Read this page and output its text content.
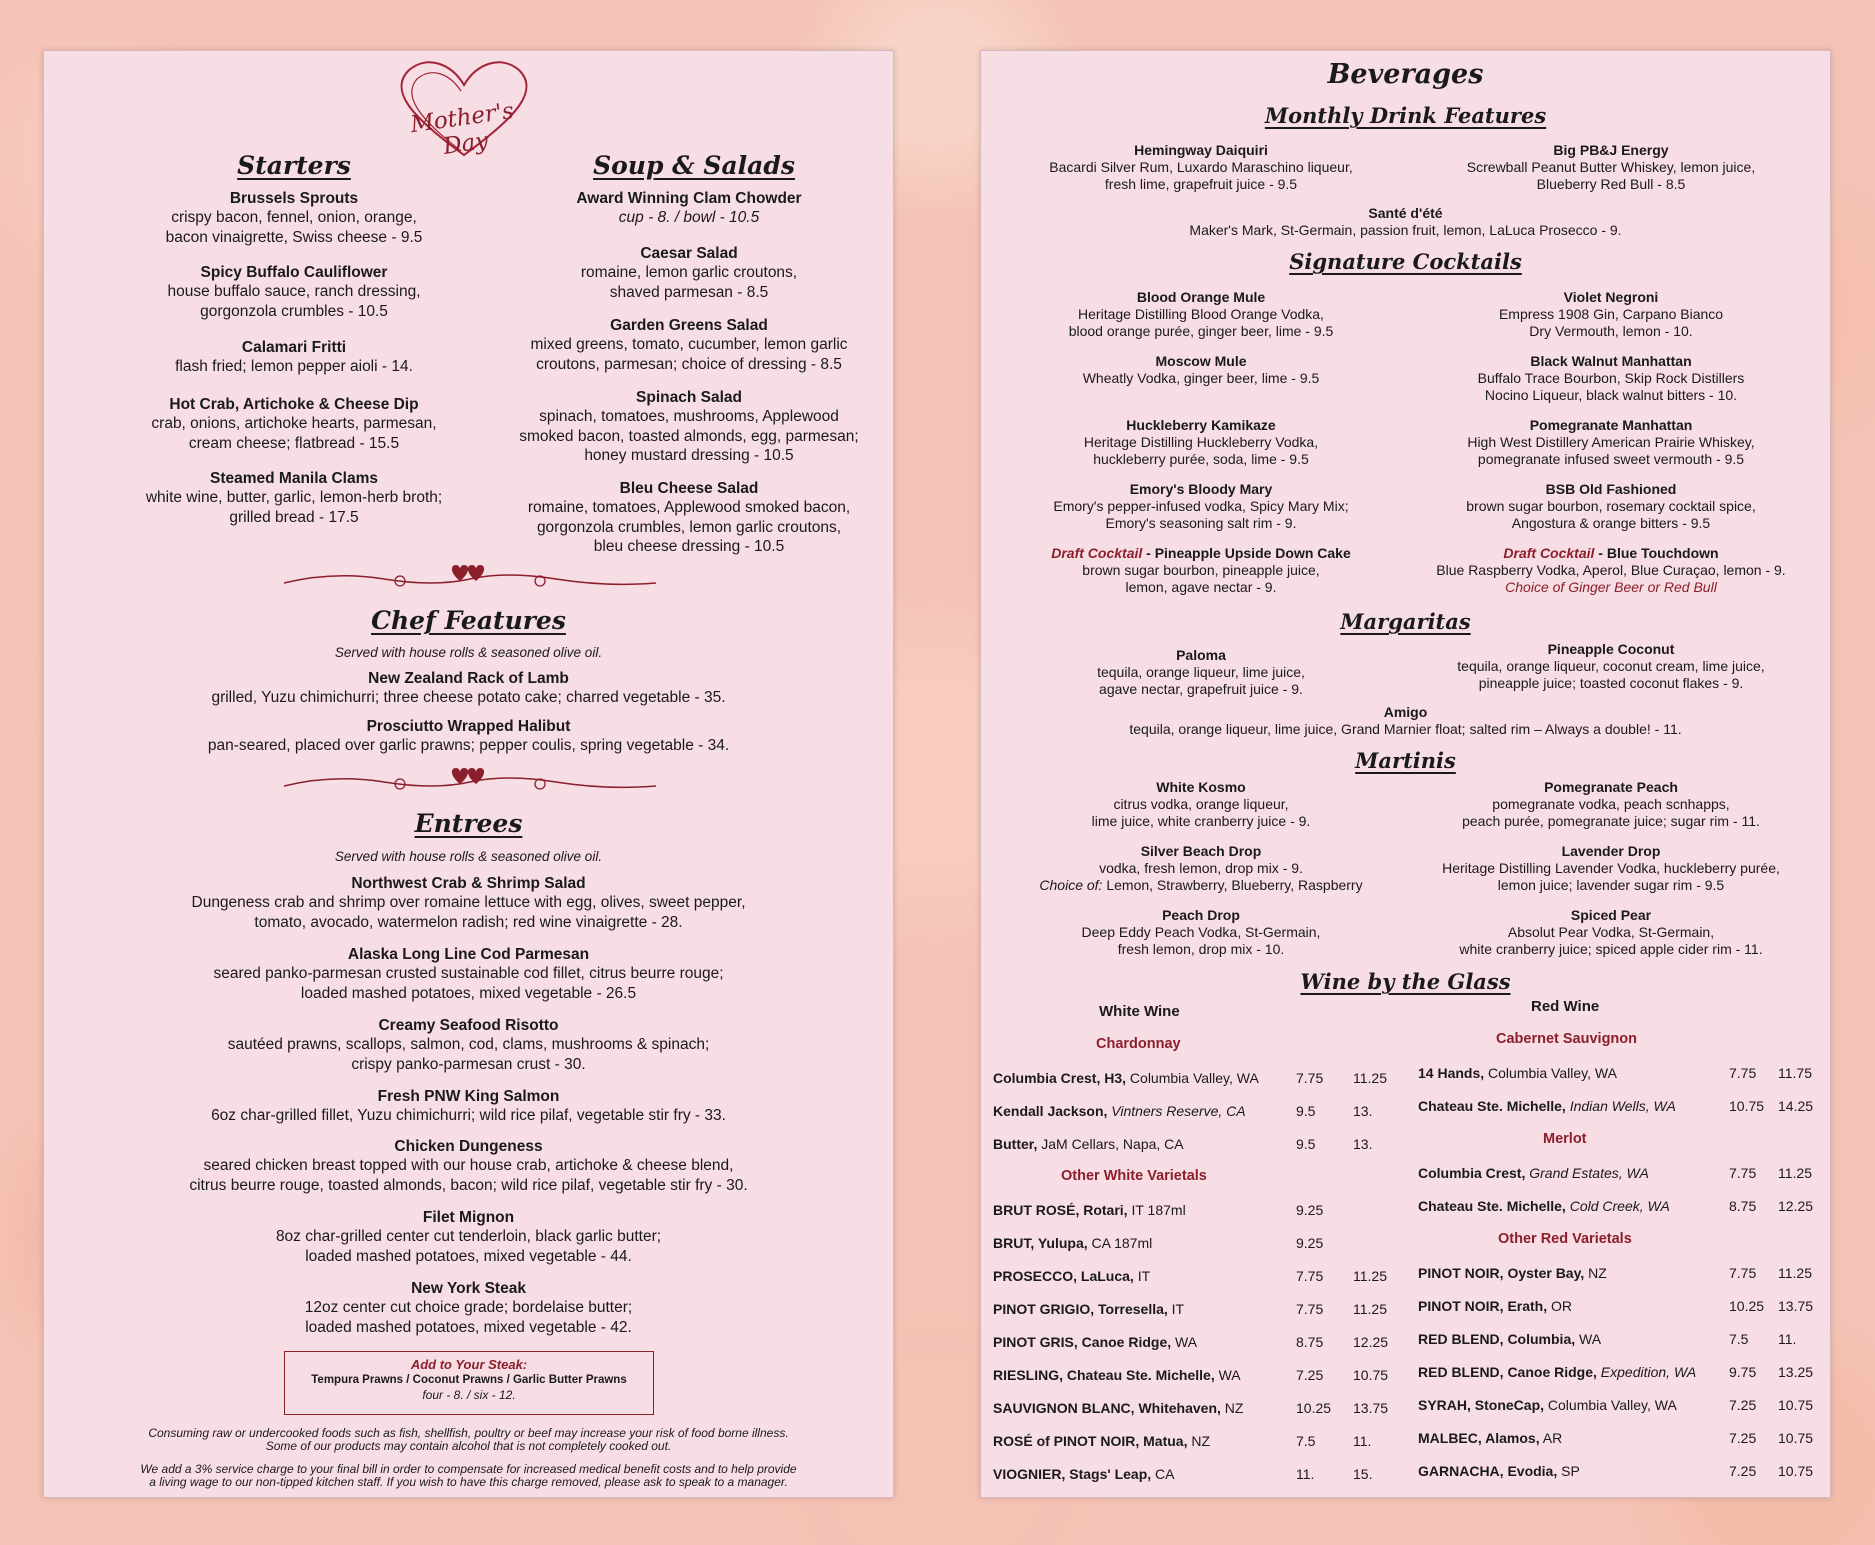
Mother's Day
Starters
Brussels Sprouts
crispy bacon, fennel, onion, orange,
bacon vinaigrette, Swiss cheese - 9.5
Spicy Buffalo Cauliflower
house buffalo sauce, ranch dressing,
gorgonzola crumbles - 10.5
Calamari Fritti
flash fried; lemon pepper aioli - 14.
Hot Crab, Artichoke & Cheese Dip
crab, onions, artichoke hearts, parmesan,
cream cheese; flatbread - 15.5
Steamed Manila Clams
white wine, butter, garlic, lemon-herb broth;
grilled bread - 17.5
Soup & Salads
Award Winning Clam Chowder
cup - 8. / bowl - 10.5
Caesar Salad
romaine, lemon garlic croutons,
shaved parmesan - 8.5
Garden Greens Salad
mixed greens, tomato, cucumber, lemon garlic
croutons, parmesan; choice of dressing - 8.5
Spinach Salad
spinach, tomatoes, mushrooms, Applewood
smoked bacon, toasted almonds, egg, parmesan;
honey mustard dressing - 10.5
Bleu Cheese Salad
romaine, tomatoes, Applewood smoked bacon,
gorgonzola crumbles, lemon garlic croutons,
bleu cheese dressing - 10.5
Chef Features
Served with house rolls & seasoned olive oil.
New Zealand Rack of Lamb
grilled, Yuzu chimichurri; three cheese potato cake; charred vegetable - 35.
Prosciutto Wrapped Halibut
pan-seared, placed over garlic prawns; pepper coulis, spring vegetable - 34.
Entrees
Served with house rolls & seasoned olive oil.
Northwest Crab & Shrimp Salad
Dungeness crab and shrimp over romaine lettuce with egg, olives, sweet pepper,
tomato, avocado, watermelon radish; red wine vinaigrette - 28.
Alaska Long Line Cod Parmesan
seared panko-parmesan crusted sustainable cod fillet, citrus beurre rouge;
loaded mashed potatoes, mixed vegetable - 26.5
Creamy Seafood Risotto
sautéed prawns, scallops, salmon, cod, clams, mushrooms & spinach;
crispy panko-parmesan crust - 30.
Fresh PNW King Salmon
6oz char-grilled fillet, Yuzu chimichurri; wild rice pilaf, vegetable stir fry - 33.
Chicken Dungeness
seared chicken breast topped with our house crab, artichoke & cheese blend,
citrus beurre rouge, toasted almonds, bacon; wild rice pilaf, vegetable stir fry - 30.
Filet Mignon
8oz char-grilled center cut tenderloin, black garlic butter;
loaded mashed potatoes, mixed vegetable - 44.
New York Steak
12oz center cut choice grade; bordelaise butter;
loaded mashed potatoes, mixed vegetable - 42.
Add to Your Steak:
Tempura Prawns / Coconut Prawns / Garlic Butter Prawns
four - 8. / six - 12.
Consuming raw or undercooked foods such as fish, shellfish, poultry or beef may increase your risk of food borne illness.
Some of our products may contain alcohol that is not completely cooked out.
We add a 3% service charge to your final bill in order to compensate for increased medical benefit costs and to help provide
a living wage to our non-tipped kitchen staff. If you wish to have this charge removed, please ask to speak to a manager.
Beverages
Monthly Drink Features
Hemingway Daiquiri
Bacardi Silver Rum, Luxardo Maraschino liqueur,
fresh lime, grapefruit juice - 9.5
Big PB&J Energy
Screwball Peanut Butter Whiskey, lemon juice,
Blueberry Red Bull - 8.5
Santé d'été
Maker's Mark, St-Germain, passion fruit, lemon, LaLuca Prosecco - 9.
Signature Cocktails
Blood Orange Mule
Heritage Distilling Blood Orange Vodka,
blood orange purée, ginger beer, lime - 9.5
Violet Negroni
Empress 1908 Gin, Carpano Bianco
Dry Vermouth, lemon - 10.
Moscow Mule
Wheatly Vodka, ginger beer, lime - 9.5
Black Walnut Manhattan
Buffalo Trace Bourbon, Skip Rock Distillers
Nocino Liqueur, black walnut bitters - 10.
Huckleberry Kamikaze
Heritage Distilling Huckleberry Vodka,
huckleberry purée, soda, lime - 9.5
Pomegranate Manhattan
High West Distillery American Prairie Whiskey,
pomegranate infused sweet vermouth - 9.5
Emory's Bloody Mary
Emory's pepper-infused vodka, Spicy Mary Mix;
Emory's seasoning salt rim - 9.
BSB Old Fashioned
brown sugar bourbon, rosemary cocktail spice,
Angostura & orange bitters - 9.5
Draft Cocktail - Pineapple Upside Down Cake
brown sugar bourbon, pineapple juice,
lemon, agave nectar - 9.
Draft Cocktail - Blue Touchdown
Blue Raspberry Vodka, Aperol, Blue Curaçao, lemon - 9.
Choice of Ginger Beer or Red Bull
Margaritas
Paloma
tequila, orange liqueur, lime juice,
agave nectar, grapefruit juice - 9.
Pineapple Coconut
tequila, orange liqueur, coconut cream, lime juice,
pineapple juice; toasted coconut flakes - 9.
Amigo
tequila, orange liqueur, lime juice, Grand Marnier float; salted rim – Always a double! - 11.
Martinis
White Kosmo
citrus vodka, orange liqueur,
lime juice, white cranberry juice - 9.
Pomegranate Peach
pomegranate vodka, peach scnhapps,
peach purée, pomegranate juice; sugar rim - 11.
Silver Beach Drop
vodka, fresh lemon, drop mix - 9.
Choice of: Lemon, Strawberry, Blueberry, Raspberry
Lavender Drop
Heritage Distilling Lavender Vodka, huckleberry purée,
lemon juice; lavender sugar rim - 9.5
Peach Drop
Deep Eddy Peach Vodka, St-Germain,
fresh lemon, drop mix - 10.
Spiced Pear
Absolut Pear Vodka, St-Germain,
white cranberry juice; spiced apple cider rim - 11.
Wine by the Glass
White Wine
Chardonnay
Other White Varietals
Columbia Crest, H3, Columbia Valley, WA	7.75 11.25
Kendall Jackson, Vintners Reserve, CA	9.5	13.
Butter, JaM Cellars, Napa, CA	9.5	13.
BRUT ROSÉ, Rotari, IT 187ml	9.25
BRUT, Yulupa, CA 187ml	9.25
PROSECCO, LaLuca, IT	7.75 11.25
PINOT GRIGIO, Torresella, IT	7.75 11.25
PINOT GRIS, Canoe Ridge, WA	8.75 12.25
RIESLING, Chateau Ste. Michelle, WA	7.25 10.75
SAUVIGNON BLANC, Whitehaven, NZ	10.25 13.75
ROSÉ of PINOT NOIR, Matua, NZ	7.5	11.
VIOGNIER, Stags' Leap, CA	11.	15.
Red Wine
Cabernet Sauvignon
Merlot
Other Red Varietals
14 Hands, Columbia Valley, WA	7.75 11.75
Chateau Ste. Michelle, Indian Wells, WA	10.75 14.25
Columbia Crest, Grand Estates, WA	7.75 11.25
Chateau Ste. Michelle, Cold Creek, WA	8.75 12.25
PINOT NOIR, Oyster Bay, NZ	7.75 11.25
PINOT NOIR, Erath, OR	10.25 13.75
RED BLEND, Columbia, WA	7.5 11.
RED BLEND, Canoe Ridge, Expedition, WA 9.75 13.25
SYRAH, StoneCap, Columbia Valley, WA	7.25 10.75
MALBEC, Alamos, AR	7.25 10.75
GARNACHA, Evodia, SP	7.25 10.75
